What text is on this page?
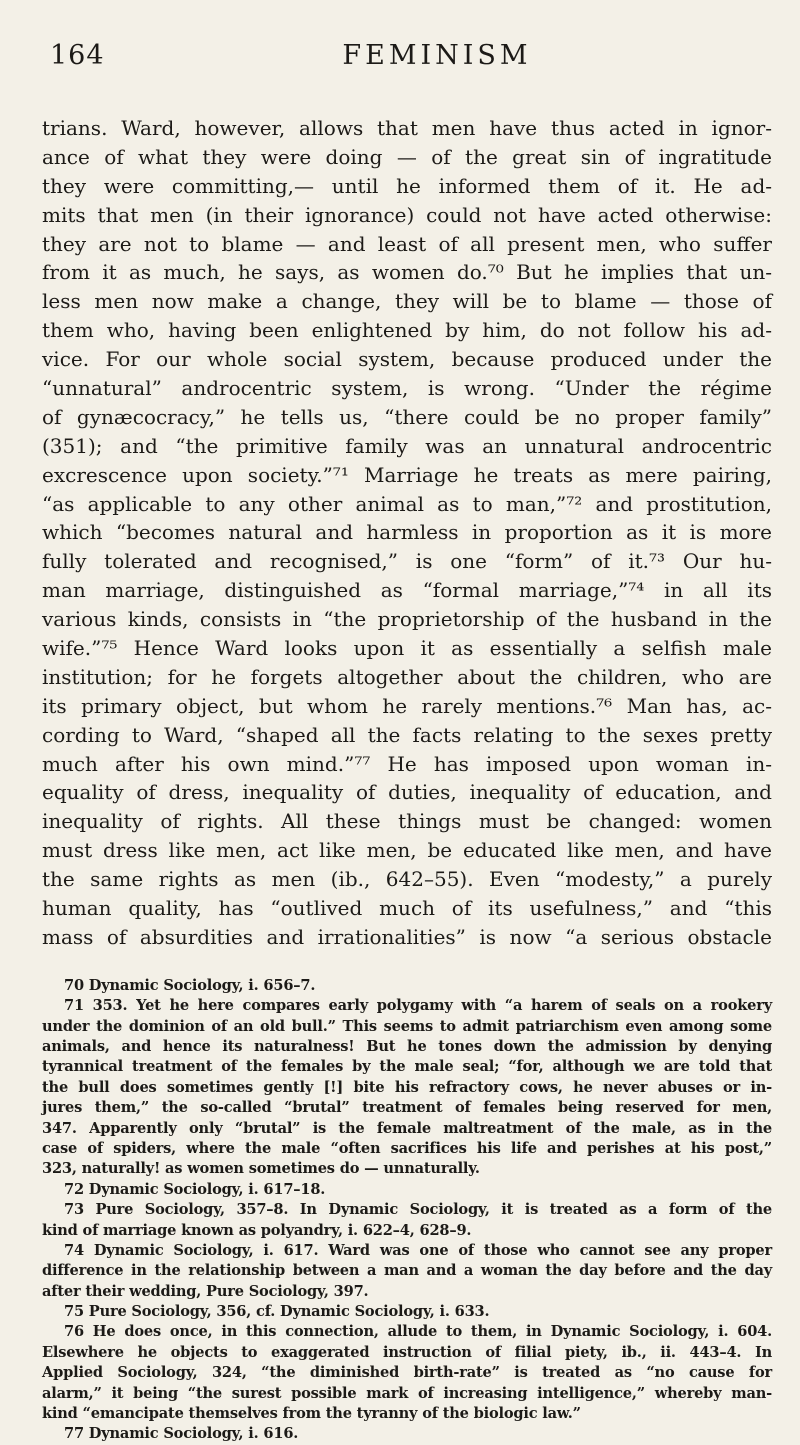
164	FEMINISM

trians. Ward, however, allows that men have thus acted in ignor-

ance of what they were doing — of the great sin of ingratitude

they were committing,— until he informed them of it. He ad-

mits that men (in their ignorance) could not have acted otherwise:

they are not to blame — and least of all present men, who suffer

from it as much, he says, as women do.⁷⁰ But he implies that un-

less men now make a change, they will be to blame — those of

them who, having been enlightened by him, do not follow his ad-

vice. For our whole social system, because produced under the

“unnatural” androcentric system, is wrong. “Under the régime

of gynæcocracy,” he tells us, “there could be no proper family”

(351); and “the primitive family was an unnatural androcentric

excrescence upon society.”⁷¹ Marriage he treats as mere pairing,

“as applicable to any other animal as to man,”⁷² and prostitution,

which “becomes natural and harmless in proportion as it is more

fully tolerated and recognised,” is one “form” of it.⁷³ Our hu-

man marriage, distinguished as “formal marriage,”⁷⁴ in all its

various kinds, consists in “the proprietorship of the husband in the

wife.”⁷⁵ Hence Ward looks upon it as essentially a selfish male

institution; for he forgets altogether about the children, who are

its primary object, but whom he rarely mentions.⁷⁶ Man has, ac-

cording to Ward, “shaped all the facts relating to the sexes pretty

much after his own mind.”⁷⁷ He has imposed upon woman in-

equality of dress, inequality of duties, inequality of education, and

inequality of rights. All these things must be changed: women

must dress like men, act like men, be educated like men, and have

the same rights as men (ib., 642–55). Even “modesty,” a purely

human quality, has “outlived much of its usefulness,” and “this

mass of absurdities and irrationalities” is now “a serious obstacle

70 Dynamic Sociology, i. 656–7.

71 353. Yet he here compares early polygamy with “a harem of seals on a rookery

under the dominion of an old bull.” This seems to admit patriarchism even among some

animals, and hence its naturalness! But he tones down the admission by denying

tyrannical treatment of the females by the male seal; “for, although we are told that

the bull does sometimes gently [!] bite his refractory cows, he never abuses or in-

jures them,” the so-called “brutal” treatment of females being reserved for men,

347. Apparently only “brutal” is the female maltreatment of the male, as in the

case of spiders, where the male “often sacrifices his life and perishes at his post,”

323, naturally! as women sometimes do — unnaturally.

72 Dynamic Sociology, i. 617–18.

73 Pure Sociology, 357–8. In Dynamic Sociology, it is treated as a form of the

kind of marriage known as polyandry, i. 622–4, 628–9.

74 Dynamic Sociology, i. 617. Ward was one of those who cannot see any proper

difference in the relationship between a man and a woman the day before and the day

after their wedding, Pure Sociology, 397.

75 Pure Sociology, 356, cf. Dynamic Sociology, i. 633.

76 He does once, in this connection, allude to them, in Dynamic Sociology, i. 604.

Elsewhere he objects to exaggerated instruction of filial piety, ib., ii. 443–4. In

Applied Sociology, 324, “the diminished birth-rate” is treated as “no cause for

alarm,” it being “the surest possible mark of increasing intelligence,” whereby man-

kind “emancipate themselves from the tyranny of the biologic law.”

77 Dynamic Sociology, i. 616.
